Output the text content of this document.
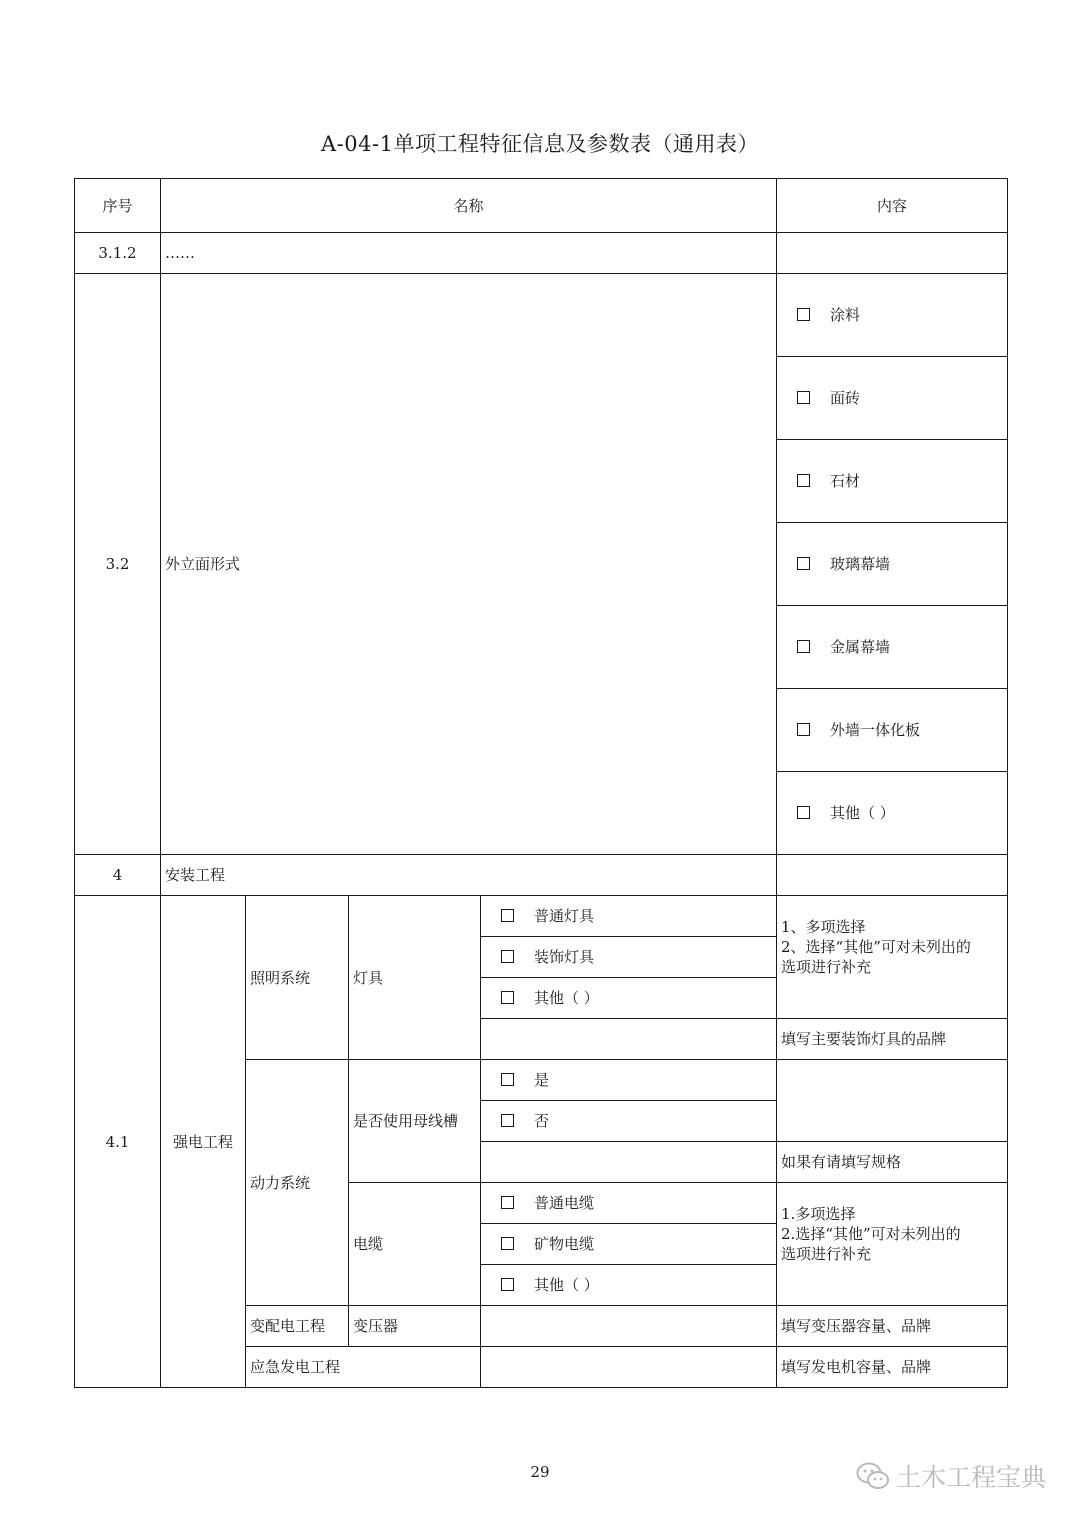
A-04-1单项工程特征信息及参数表（通用表）
序号	名称				内容	
3.1.2	……		
3.2	外立面形式				涂料	

					面砖	
					石材	
					玻璃幕墙	
					金属幕墙	
					外墙一体化板	
					其他（ ）	
4	安装工程					
4.1	强电工程	照明系统	灯具	普通灯具	1、多项选择
2、选择“其他”可对未列出的
选项进行补充	

				装饰灯具		
				其他（ ）		
					填写主要装饰灯具的品牌	
		动力系统	是否使用母线槽	是		
				否		
					如果有请填写规格	
			电缆	普通电缆	1.多项选择
2.选择“其他”可对未列出的
选项进行补充	

				矿物电缆		
				其他（ ）		
		变配电工程	变压器		填写变压器容量、品牌	
		应急发电工程			填写发电机容量、品牌	
29	土木工程宝典
